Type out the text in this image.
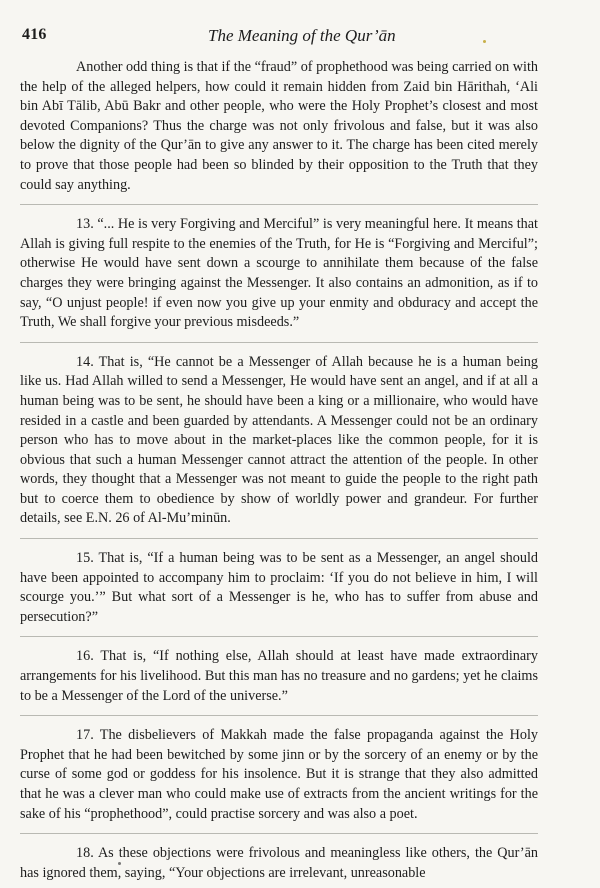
416	The Meaning of the Qur’ān

Another odd thing is that if the “fraud” of prophethood was being carried on with the help of the alleged helpers, how could it remain hidden from Zaid bin Hārithah, ‘Ali bin Abī Tālib, Abū Bakr and other people, who were the Holy Prophet’s closest and most devoted Companions? Thus the charge was not only frivolous and false, but it was also below the dignity of the Qur’ān to give any answer to it. The charge has been cited merely to prove that those people had been so blinded by their opposition to the Truth that they could say anything.

13. “... He is very Forgiving and Merciful” is very meaningful here. It means that Allah is giving full respite to the enemies of the Truth, for He is “Forgiving and Merciful”; otherwise He would have sent down a scourge to annihilate them because of the false charges they were bringing against the Messenger. It also contains an admonition, as if to say, “O unjust people! if even now you give up your enmity and obduracy and accept the Truth, We shall forgive your previous misdeeds.”

14. That is, “He cannot be a Messenger of Allah because he is a human being like us. Had Allah willed to send a Messenger, He would have sent an angel, and if at all a human being was to be sent, he should have been a king or a millionaire, who would have resided in a castle and been guarded by attendants. A Messenger could not be an ordinary person who has to move about in the market-places like the common people, for it is obvious that such a human Messenger cannot attract the attention of the people. In other words, they thought that a Messenger was not meant to guide the people to the right path but to coerce them to obedience by show of worldly power and grandeur. For further details, see E.N. 26 of Al-Mu’minūn.

15. That is, “If a human being was to be sent as a Messenger, an angel should have been appointed to accompany him to proclaim: ‘If you do not believe in him, I will scourge you.’” But what sort of a Messenger is he, who has to suffer from abuse and persecution?”

16. That is, “If nothing else, Allah should at least have made extraordinary arrangements for his livelihood. But this man has no treasure and no gardens; yet he claims to be a Messenger of the Lord of the universe.”

17. The disbelievers of Makkah made the false propaganda against the Holy Prophet that he had been bewitched by some jinn or by the sorcery of an enemy or by the curse of some god or goddess for his insolence. But it is strange that they also admitted that he was a clever man who could make use of extracts from the ancient writings for the sake of his “prophethood”, could practise sorcery and was also a poet.

18. As these objections were frivolous and meaningless like others, the Qur’ān has ignored them, saying, “Your objections are irrelevant, unreasonable
